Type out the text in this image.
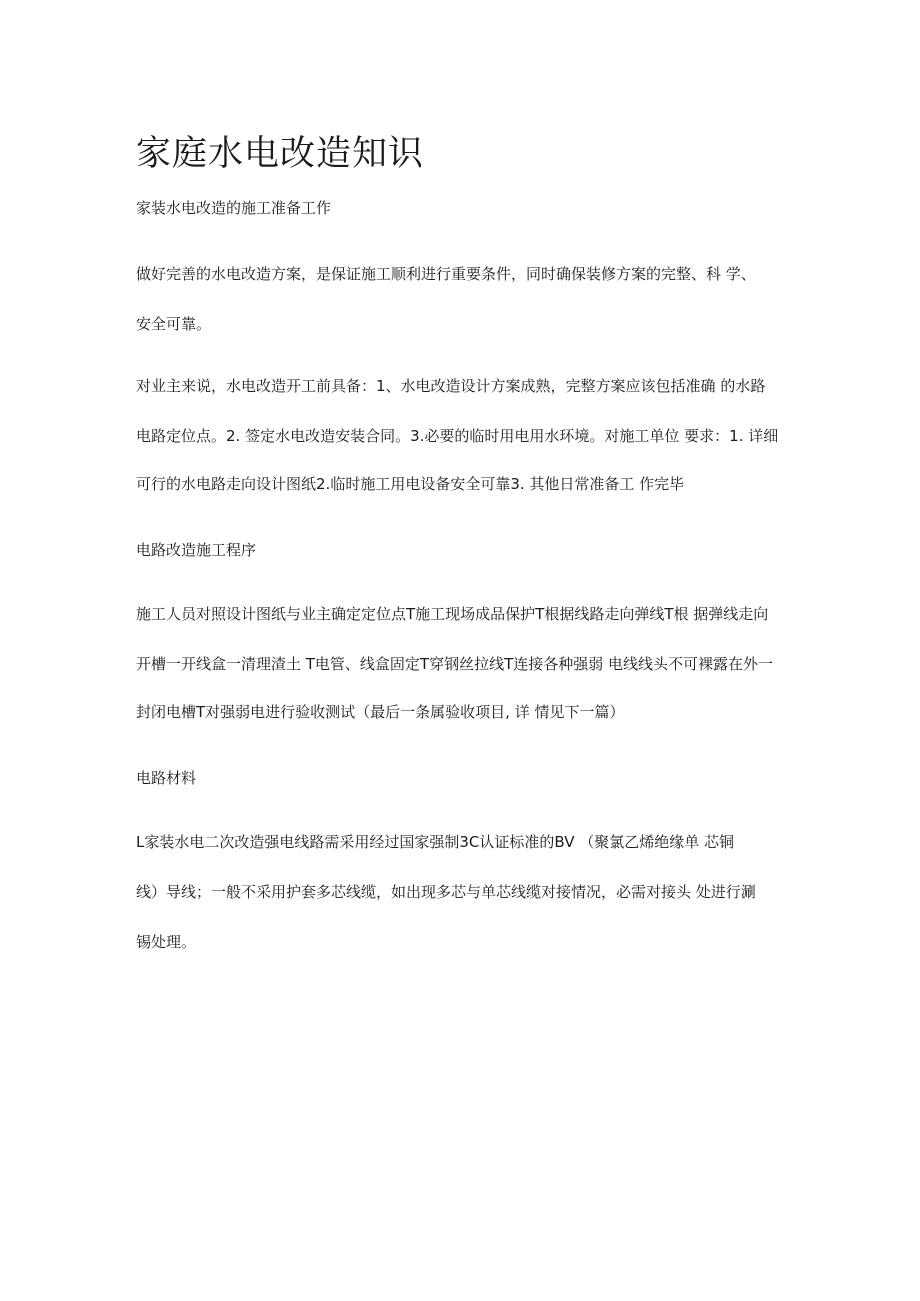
家庭水电改造知识

家装水电改造的施工准备工作

做好完善的水电改造方案，是保证施工顺利进行重要条件，同时确保装修方案的完整、科 学、

安全可靠。

对业主来说，水电改造开工前具备：1、水电改造设计方案成熟，完整方案应该包括准确 的水路

电路定位点。2. 签定水电改造安装合同。3.必要的临时用电用水环境。对施工单位 要求：1. 详细

可行的水电路走向设计图纸2.临时施工用电设备安全可靠3. 其他日常准备工 作完毕

电路改造施工程序

施工人员对照设计图纸与业主确定定位点T施工现场成品保护T根据线路走向弹线T根 据弹线走向

开槽一开线盒一清理渣土 T电管、线盒固定T穿钢丝拉线T连接各种强弱 电线线头不可裸露在外一

封闭电槽T对强弱电进行验收测试（最后一条属验收项目, 详 情见下一篇）

电路材料

L家装水电二次改造强电线路需采用经过国家强制3C认证标准的BV （聚氯乙烯绝缘单 芯铜

线）导线；一般不采用护套多芯线缆，如出现多芯与单芯线缆对接情况，必需对接头 处进行涮

锡处理。
